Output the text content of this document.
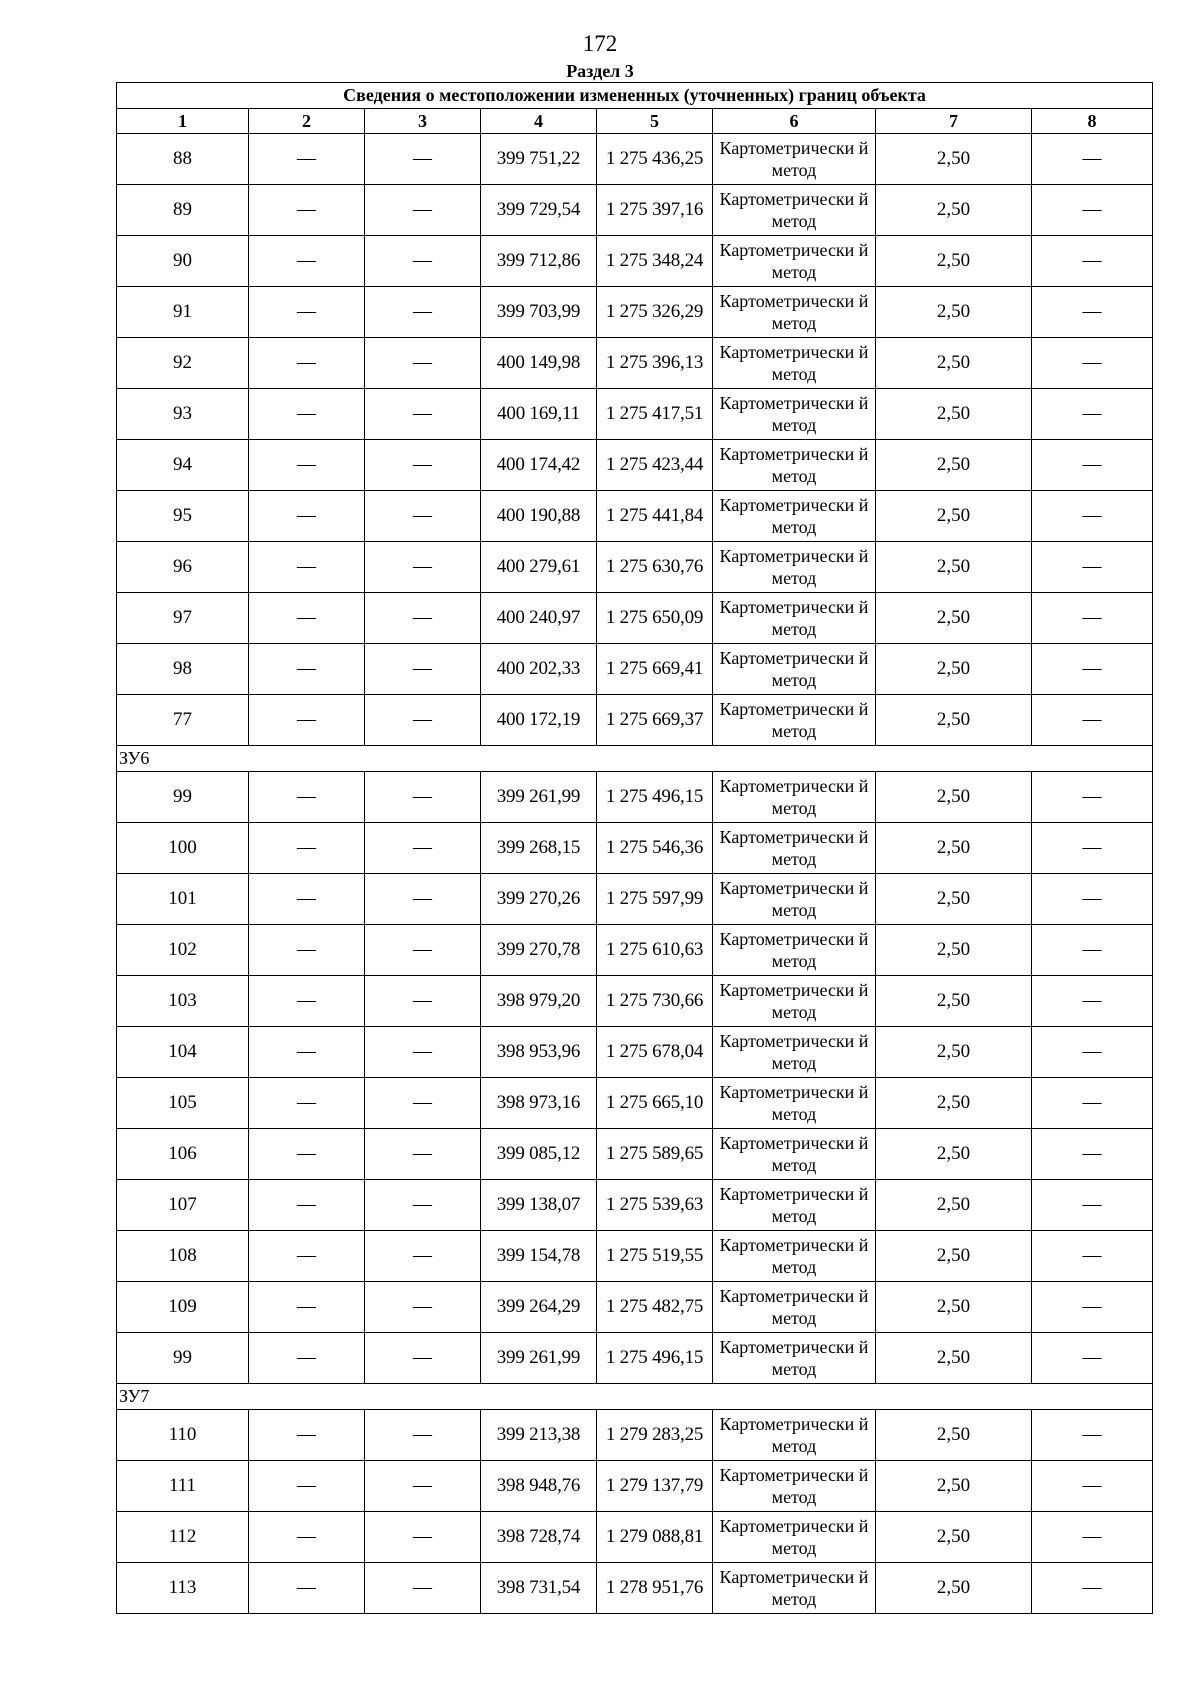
172
Раздел 3
Сведения о местоположении измененных (уточненных) границ объекта							
1	2	3	4	5	6	7	8
88	—	—	399 751,22	1 275 436,25	Картометрически й метод	2,50	—
89	—	—	399 729,54	1 275 397,16	Картометрически й метод	2,50	—
90	—	—	399 712,86	1 275 348,24	Картометрически й метод	2,50	—
91	—	—	399 703,99	1 275 326,29	Картометрически й метод	2,50	—
92	—	—	400 149,98	1 275 396,13	Картометрически й метод	2,50	—
93	—	—	400 169,11	1 275 417,51	Картометрически й метод	2,50	—
94	—	—	400 174,42	1 275 423,44	Картометрически й метод	2,50	—
95	—	—	400 190,88	1 275 441,84	Картометрически й метод	2,50	—
96	—	—	400 279,61	1 275 630,76	Картометрически й метод	2,50	—
97	—	—	400 240,97	1 275 650,09	Картометрически й метод	2,50	—
98	—	—	400 202,33	1 275 669,41	Картометрически й метод	2,50	—
77	—	—	400 172,19	1 275 669,37	Картометрически й метод	2,50	—
ЗУ6							
99	—	—	399 261,99	1 275 496,15	Картометрически й метод	2,50	—
100	—	—	399 268,15	1 275 546,36	Картометрически й метод	2,50	—
101	—	—	399 270,26	1 275 597,99	Картометрически й метод	2,50	—
102	—	—	399 270,78	1 275 610,63	Картометрически й метод	2,50	—
103	—	—	398 979,20	1 275 730,66	Картометрически й метод	2,50	—
104	—	—	398 953,96	1 275 678,04	Картометрически й метод	2,50	—
105	—	—	398 973,16	1 275 665,10	Картометрически й метод	2,50	—
106	—	—	399 085,12	1 275 589,65	Картометрически й метод	2,50	—
107	—	—	399 138,07	1 275 539,63	Картометрически й метод	2,50	—
108	—	—	399 154,78	1 275 519,55	Картометрически й метод	2,50	—
109	—	—	399 264,29	1 275 482,75	Картометрически й метод	2,50	—
99	—	—	399 261,99	1 275 496,15	Картометрически й метод	2,50	—
ЗУ7							
110	—	—	399 213,38	1 279 283,25	Картометрически й метод	2,50	—
111	—	—	398 948,76	1 279 137,79	Картометрически й метод	2,50	—
112	—	—	398 728,74	1 279 088,81	Картометрически й метод	2,50	—
113	—	—	398 731,54	1 278 951,76	Картометрически й метод	2,50	—
